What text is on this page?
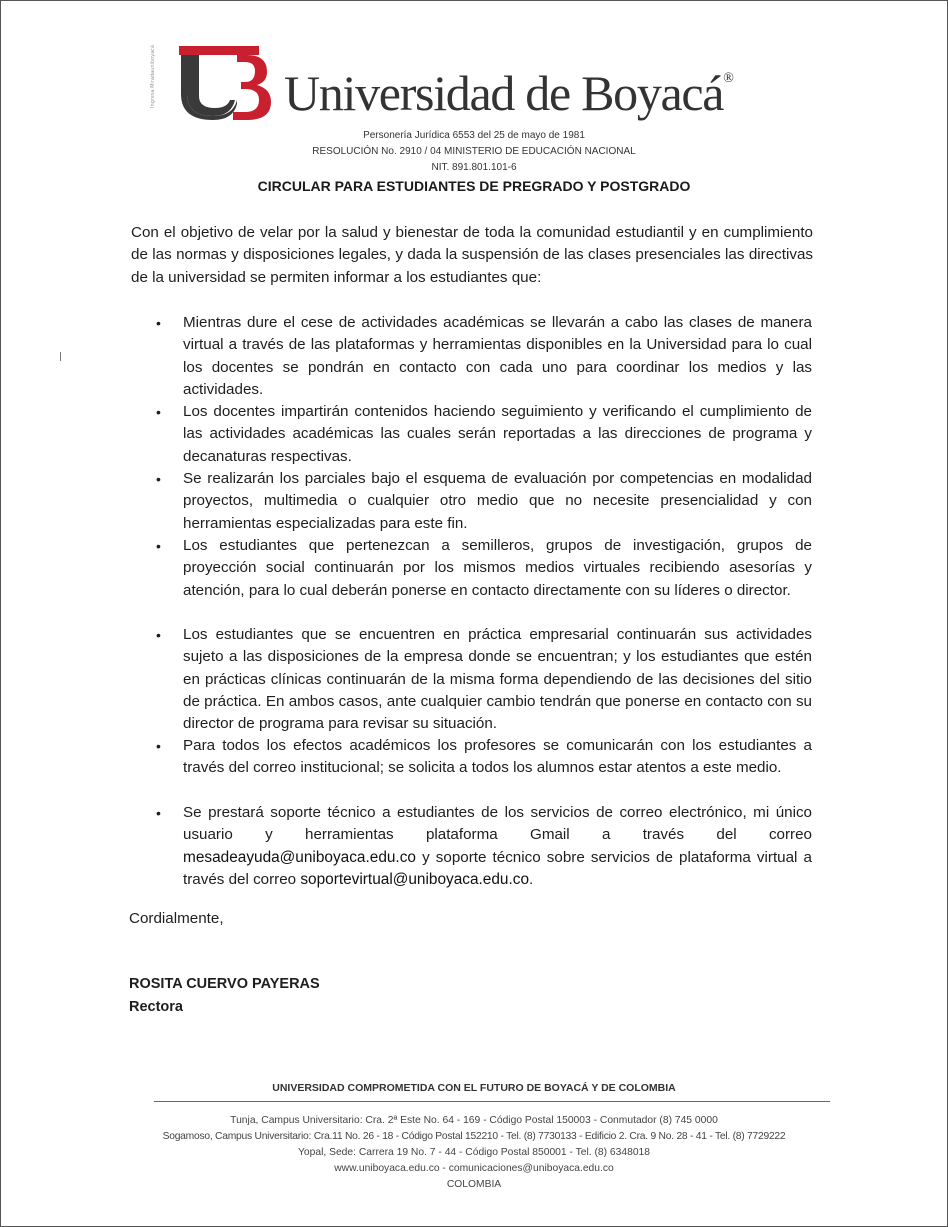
Ingresa Miradauniboyacá	Universidad de Boyacá®
Personería Jurídica 6553 del 25 de mayo de 1981
RESOLUCIÓN No. 2910 / 04 MINISTERIO DE EDUCACIÓN NACIONAL
NIT. 891.801.101-6
CIRCULAR PARA ESTUDIANTES DE PREGRADO Y POSTGRADO
Con el objetivo de velar por la salud y bienestar de toda la comunidad estudiantil y en cumplimiento de las normas y disposiciones legales, y dada la suspensión de las clases presenciales las directivas de la universidad se permiten informar a los estudiantes que:
• Mientras dure el cese de actividades académicas se llevarán a cabo las clases de manera virtual a través de las plataformas y herramientas disponibles en la Universidad para lo cual los docentes se pondrán en contacto con cada uno para coordinar los medios y las actividades.
• Los docentes impartirán contenidos haciendo seguimiento y verificando el cumplimiento de las actividades académicas las cuales serán reportadas a las direcciones de programa y decanaturas respectivas.
• Se realizarán los parciales bajo el esquema de evaluación por competencias en modalidad proyectos, multimedia o cualquier otro medio que no necesite presencialidad y con herramientas especializadas para este fin.
• Los estudiantes que pertenezcan a semilleros, grupos de investigación, grupos de proyección social continuarán por los mismos medios virtuales recibiendo asesorías y atención, para lo cual deberán ponerse en contacto directamente con su líderes o director.
• Los estudiantes que se encuentren en práctica empresarial continuarán sus actividades sujeto a las disposiciones de la empresa donde se encuentran; y los estudiantes que estén en prácticas clínicas continuarán de la misma forma dependiendo de las decisiones del sitio de práctica. En ambos casos, ante cualquier cambio tendrán que ponerse en contacto con su director de programa para revisar su situación.
• Para todos los efectos académicos los profesores se comunicarán con los estudiantes a través del correo institucional; se solicita a todos los alumnos estar atentos a este medio.
• Se prestará soporte técnico a estudiantes de los servicios de correo electrónico, mi único usuario y herramientas plataforma Gmail a través del correo mesadeayuda@uniboyaca.edu.co y soporte técnico sobre servicios de plataforma virtual a través del correo soportevirtual@uniboyaca.edu.co.
Cordialmente,
ROSITA CUERVO PAYERAS
Rectora
UNIVERSIDAD COMPROMETIDA CON EL FUTURO DE BOYACÁ Y DE COLOMBIA
Tunja, Campus Universitario: Cra. 2ª Este No. 64 - 169 - Código Postal 150003 - Conmutador (8) 745 0000
Sogamoso, Campus Universitario: Cra.11 No. 26 - 18 - Código Postal 152210 - Tel. (8) 7730133 - Edificio 2. Cra. 9 No. 28 - 41 - Tel. (8) 7729222
Yopal, Sede: Carrera 19 No. 7 - 44 - Código Postal 850001 - Tel. (8) 6348018
www.uniboyaca.edu.co - comunicaciones@uniboyaca.edu.co
COLOMBIA
